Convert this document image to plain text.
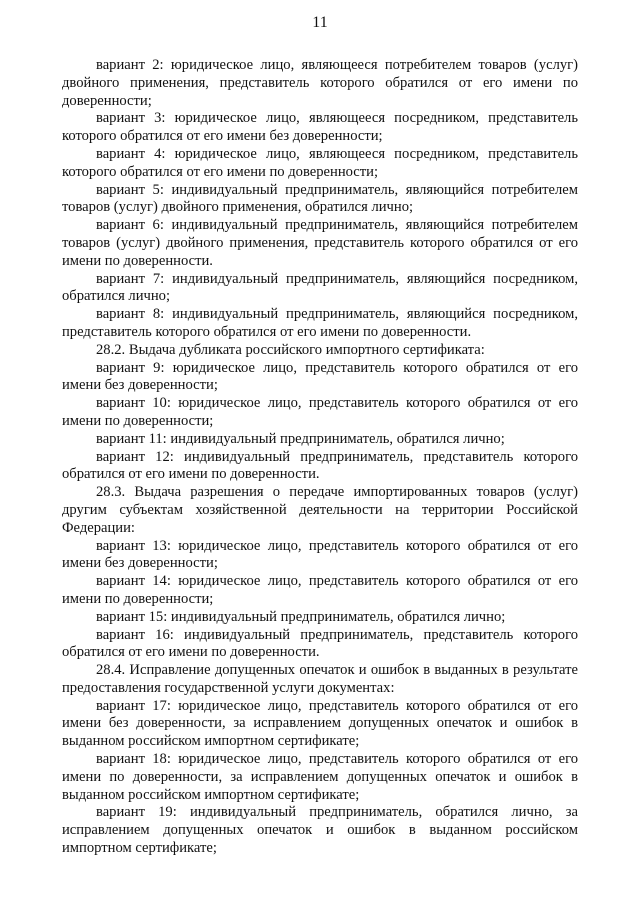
11

вариант 2: юридическое лицо, являющееся потребителем товаров (услуг) двойного применения, представитель которого обратился от его имени по доверенности;

вариант 3: юридическое лицо, являющееся посредником, представитель которого обратился от его имени без доверенности;

вариант 4: юридическое лицо, являющееся посредником, представитель которого обратился от его имени по доверенности;

вариант 5: индивидуальный предприниматель, являющийся потребителем товаров (услуг) двойного применения, обратился лично;

вариант 6: индивидуальный предприниматель, являющийся потребителем товаров (услуг) двойного применения, представитель которого обратился от его имени по доверенности.

вариант 7: индивидуальный предприниматель, являющийся посредником, обратился лично;

вариант 8: индивидуальный предприниматель, являющийся посредником, представитель которого обратился от его имени по доверенности.

28.2. Выдача дубликата российского импортного сертификата:

вариант 9: юридическое лицо, представитель которого обратился от его имени без доверенности;

вариант 10: юридическое лицо, представитель которого обратился от его имени по доверенности;

вариант 11: индивидуальный предприниматель, обратился лично;

вариант 12: индивидуальный предприниматель, представитель которого обратился от его имени по доверенности.

28.3. Выдача разрешения о передаче импортированных товаров (услуг) другим субъектам хозяйственной деятельности на территории Российской Федерации:

вариант 13: юридическое лицо, представитель которого обратился от его имени без доверенности;

вариант 14: юридическое лицо, представитель которого обратился от его имени по доверенности;

вариант 15: индивидуальный предприниматель, обратился лично;

вариант 16: индивидуальный предприниматель, представитель которого обратился от его имени по доверенности.

28.4. Исправление допущенных опечаток и ошибок в выданных в результате предоставления государственной услуги документах:

вариант 17: юридическое лицо, представитель которого обратился от его имени без доверенности, за исправлением допущенных опечаток и ошибок в выданном российском импортном сертификате;

вариант 18: юридическое лицо, представитель которого обратился от его имени по доверенности, за исправлением допущенных опечаток и ошибок в выданном российском импортном сертификате;

вариант 19: индивидуальный предприниматель, обратился лично, за исправлением допущенных опечаток и ошибок в выданном российском импортном сертификате;
